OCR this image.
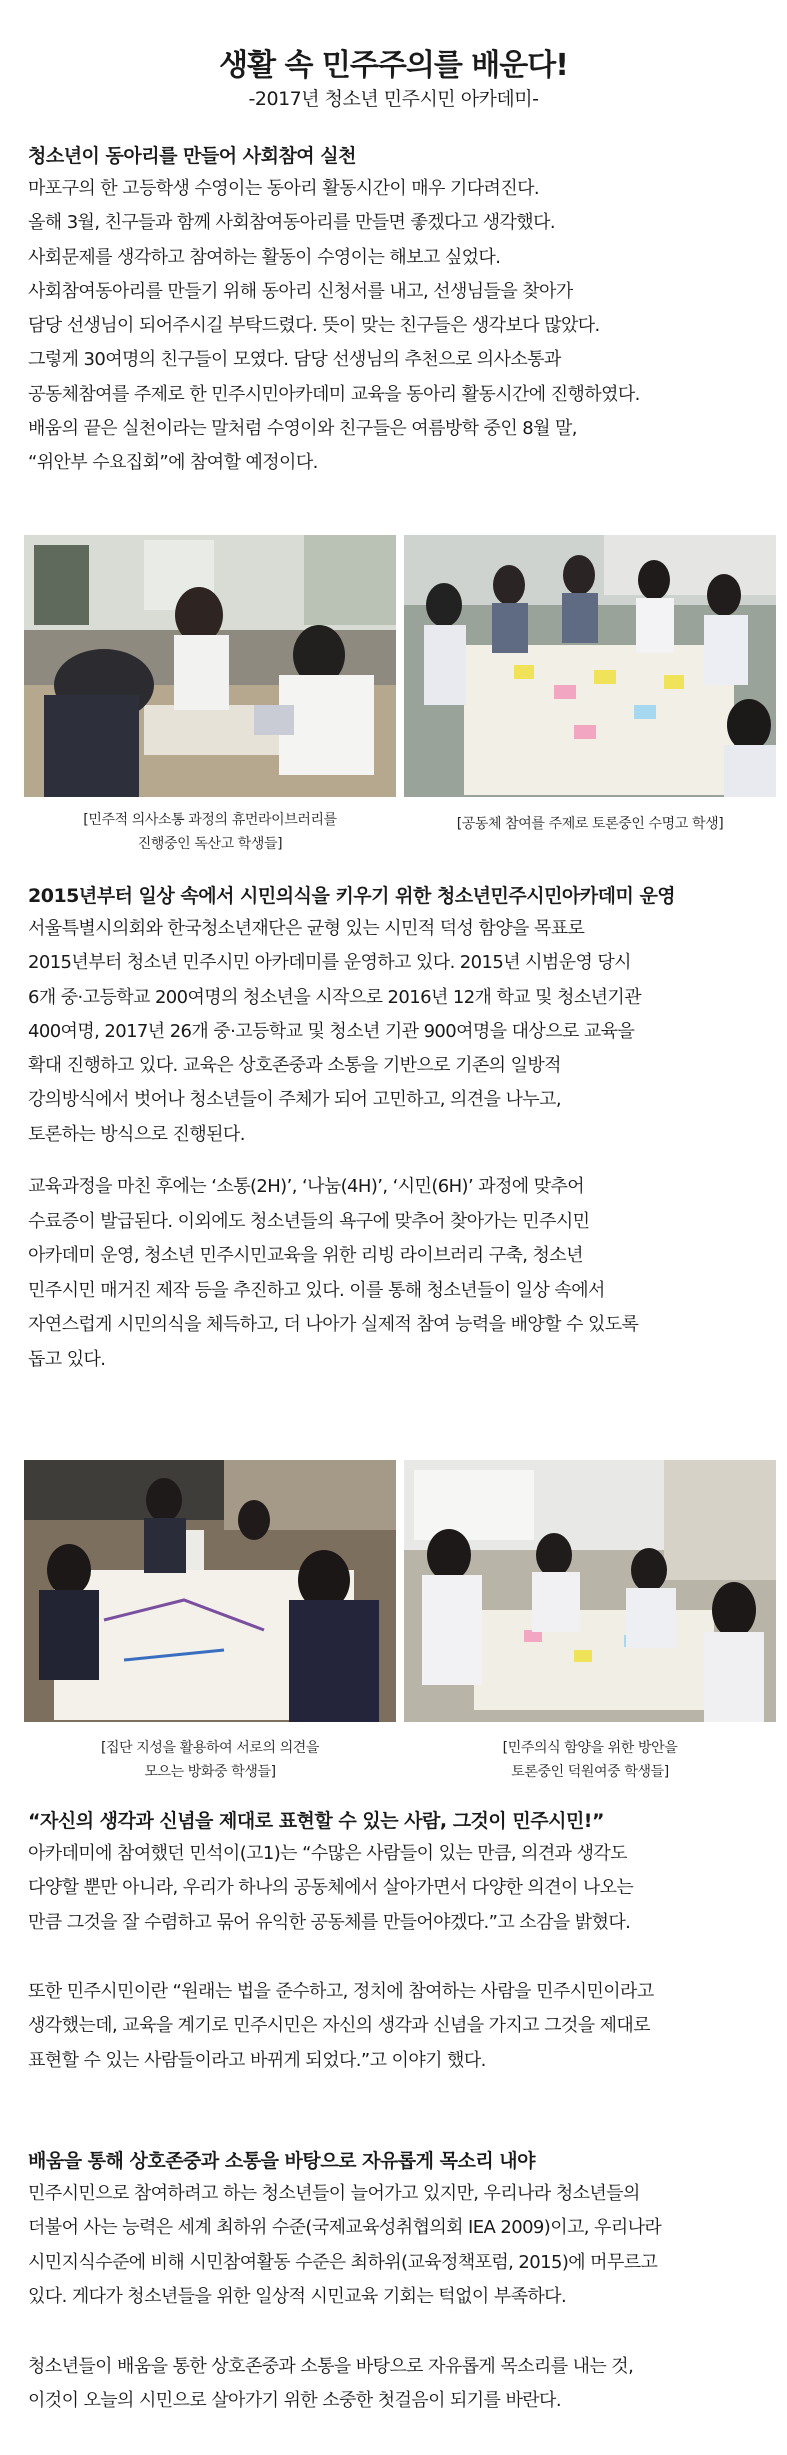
생활 속 민주주의를 배운다!
-2017년 청소년 민주시민 아카데미-
청소년이 동아리를 만들어 사회참여 실천

마포구의 한 고등학생 수영이는 동아리 활동시간이 매우 기다려진다.

올해 3월, 친구들과 함께 사회참여동아리를 만들면 좋겠다고 생각했다.

사회문제를 생각하고 참여하는 활동이 수영이는 해보고 싶었다.

사회참여동아리를 만들기 위해 동아리 신청서를 내고, 선생님들을 찾아가

담당 선생님이 되어주시길 부탁드렸다. 뜻이 맞는 친구들은 생각보다 많았다.

그렇게 30여명의 친구들이 모였다. 담당 선생님의 추천으로 의사소통과

공동체참여를 주제로 한 민주시민아카데미 교육을 동아리 활동시간에 진행하였다.

배움의 끝은 실천이라는 말처럼 수영이와 친구들은 여름방학 중인 8월 말,

“위안부 수요집회”에 참여할 예정이다.

[민주적 의사소통 과정의 휴먼라이브러리를
진행중인 독산고 학생들]
[공동체 참여를 주제로 토론중인 수명고 학생]
2015년부터 일상 속에서 시민의식을 키우기 위한 청소년민주시민아카데미 운영

서울특별시의회와 한국청소년재단은 균형 있는 시민적 덕성 함양을 목표로

2015년부터 청소년 민주시민 아카데미를 운영하고 있다. 2015년 시범운영 당시

6개 중·고등학교 200여명의 청소년을 시작으로 2016년 12개 학교 및 청소년기관

400여명, 2017년 26개 중·고등학교 및 청소년 기관 900여명을 대상으로 교육을

확대 진행하고 있다. 교육은 상호존중과 소통을 기반으로 기존의 일방적

강의방식에서 벗어나 청소년들이 주체가 되어 고민하고, 의견을 나누고,

토론하는 방식으로 진행된다.

교육과정을 마친 후에는 ‘소통(2H)’, ‘나눔(4H)’, ‘시민(6H)’ 과정에 맞추어

수료증이 발급된다. 이외에도 청소년들의 욕구에 맞추어 찾아가는 민주시민

아카데미 운영, 청소년 민주시민교육을 위한 리빙 라이브러리 구축, 청소년

민주시민 매거진 제작 등을 추진하고 있다. 이를 통해 청소년들이 일상 속에서

자연스럽게 시민의식을 체득하고, 더 나아가 실제적 참여 능력을 배양할 수 있도록

돕고 있다.

[집단 지성을 활용하여 서로의 의견을
모으는 방화중 학생들]
[민주의식 함양을 위한 방안을
토론중인 덕원여중 학생들]
“자신의 생각과 신념을 제대로 표현할 수 있는 사람, 그것이 민주시민!”

아카데미에 참여했던 민석이(고1)는 “수많은 사람들이 있는 만큼, 의견과 생각도

다양할 뿐만 아니라, 우리가 하나의 공동체에서 살아가면서 다양한 의견이 나오는

만큼 그것을 잘 수렴하고 묶어 유익한 공동체를 만들어야겠다.”고 소감을 밝혔다.

또한 민주시민이란 “원래는 법을 준수하고, 정치에 참여하는 사람을 민주시민이라고

생각했는데, 교육을 계기로 민주시민은 자신의 생각과 신념을 가지고 그것을 제대로

표현할 수 있는 사람들이라고 바뀌게 되었다.”고 이야기 했다.

배움을 통해 상호존중과 소통을 바탕으로 자유롭게 목소리 내야

민주시민으로 참여하려고 하는 청소년들이 늘어가고 있지만, 우리나라 청소년들의

더불어 사는 능력은 세계 최하위 수준(국제교육성취협의회 IEA 2009)이고, 우리나라

시민지식수준에 비해 시민참여활동 수준은 최하위(교육정책포럼, 2015)에 머무르고

있다. 게다가 청소년들을 위한 일상적 시민교육 기회는 턱없이 부족하다.

청소년들이 배움을 통한 상호존중과 소통을 바탕으로 자유롭게 목소리를 내는 것,

이것이 오늘의 시민으로 살아가기 위한 소중한 첫걸음이 되기를 바란다.
